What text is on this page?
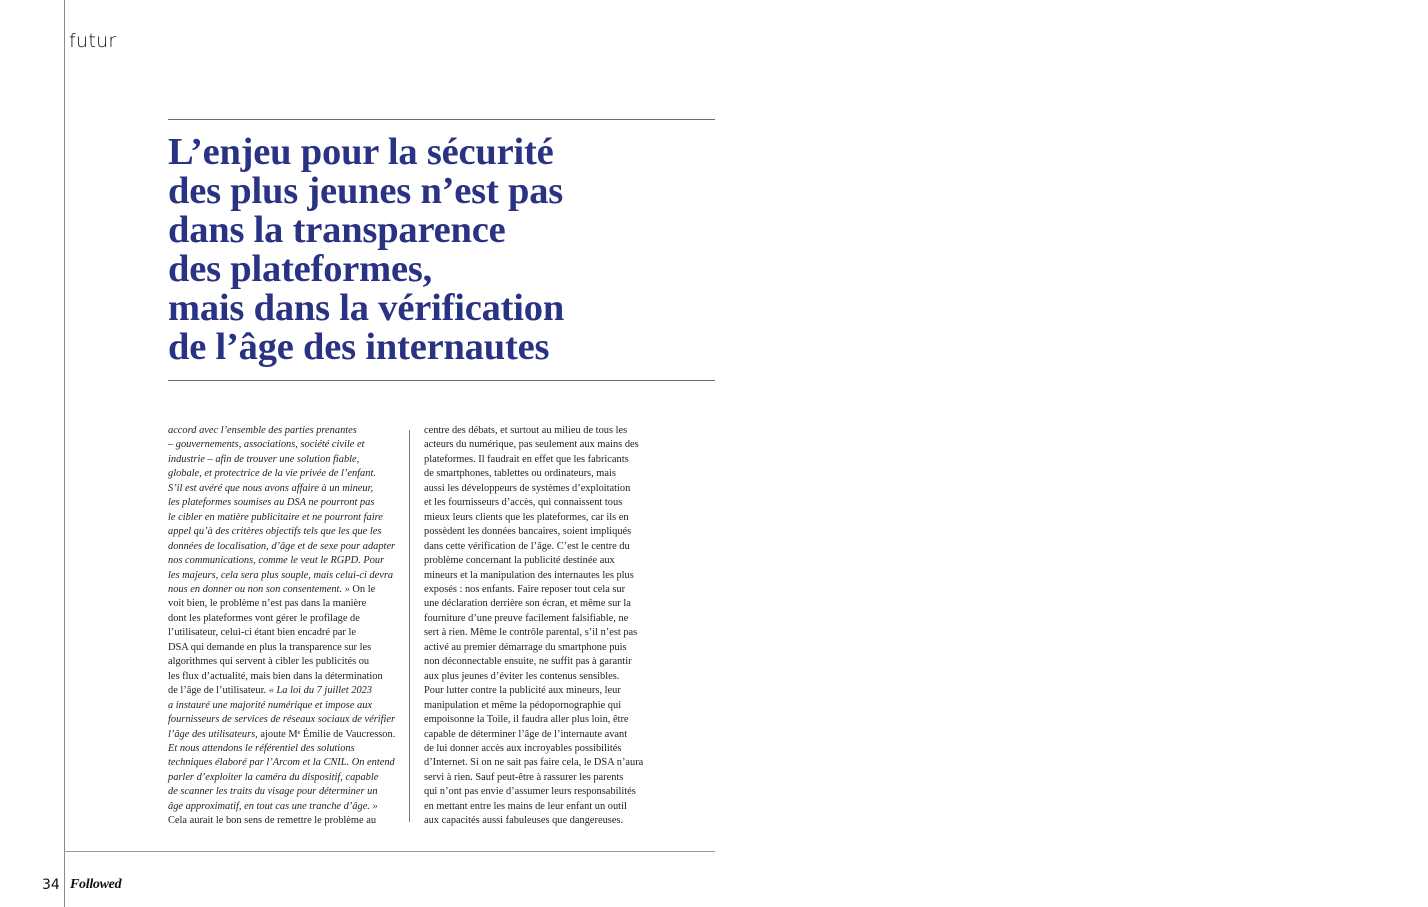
futur
L’enjeu pour la sécurité
des plus jeunes n’est pas
dans la transparence
des plateformes,
mais dans la vérification
de l’âge des internautes
accord avec l’ensemble des parties prenantes
– gouvernements, associations, société civile et
industrie – afin de trouver une solution fiable,
globale, et protectrice de la vie privée de l’enfant.
S’il est avéré que nous avons affaire à un mineur,
les plateformes soumises au DSA ne pourront pas
le cibler en matière publicitaire et ne pourront faire
appel qu’à des critères objectifs tels que les que les
données de localisation, d’âge et de sexe pour adapter
nos communications, comme le veut le RGPD. Pour
les majeurs, cela sera plus souple, mais celui-ci devra
nous en donner ou non son consentement. » On le
voit bien, le problème n’est pas dans la manière
dont les plateformes vont gérer le profilage de
l’utilisateur, celui-ci étant bien encadré par le
DSA qui demande en plus la transparence sur les
algorithmes qui servent à cibler les publicités ou
les flux d’actualité, mais bien dans la détermination
de l’âge de l’utilisateur. « La loi du 7 juillet 2023
a instauré une majorité numérique et impose aux
fournisseurs de services de réseaux sociaux de vérifier
l’âge des utilisateurs, ajoute Mᵉ Émilie de Vaucresson.
Et nous attendons le référentiel des solutions
techniques élaboré par l’Arcom et la CNIL. On entend
parler d’exploiter la caméra du dispositif, capable
de scanner les traits du visage pour déterminer un
âge approximatif, en tout cas une tranche d’âge. »
Cela aurait le bon sens de remettre le problème au
centre des débats, et surtout au milieu de tous les
acteurs du numérique, pas seulement aux mains des
plateformes. Il faudrait en effet que les fabricants
de smartphones, tablettes ou ordinateurs, mais
aussi les développeurs de systèmes d’exploitation
et les fournisseurs d’accès, qui connaissent tous
mieux leurs clients que les plateformes, car ils en
possèdent les données bancaires, soient impliqués
dans cette vérification de l’âge. C’est le centre du
problème concernant la publicité destinée aux
mineurs et la manipulation des internautes les plus
exposés : nos enfants. Faire reposer tout cela sur
une déclaration derrière son écran, et même sur la
fourniture d’une preuve facilement falsifiable, ne
sert à rien. Même le contrôle parental, s’il n’est pas
activé au premier démarrage du smartphone puis
non déconnectable ensuite, ne suffit pas à garantir
aux plus jeunes d’éviter les contenus sensibles.
Pour lutter contre la publicité aux mineurs, leur
manipulation et même la pédopornographie qui
empoisonne la Toile, il faudra aller plus loin, être
capable de déterminer l’âge de l’internaute avant
de lui donner accès aux incroyables possibilités
d’Internet. Si on ne sait pas faire cela, le DSA n’aura
servi à rien. Sauf peut-être à rassurer les parents
qui n’ont pas envie d’assumer leurs responsabilités
en mettant entre les mains de leur enfant un outil
aux capacités aussi fabuleuses que dangereuses.
34 Followed
